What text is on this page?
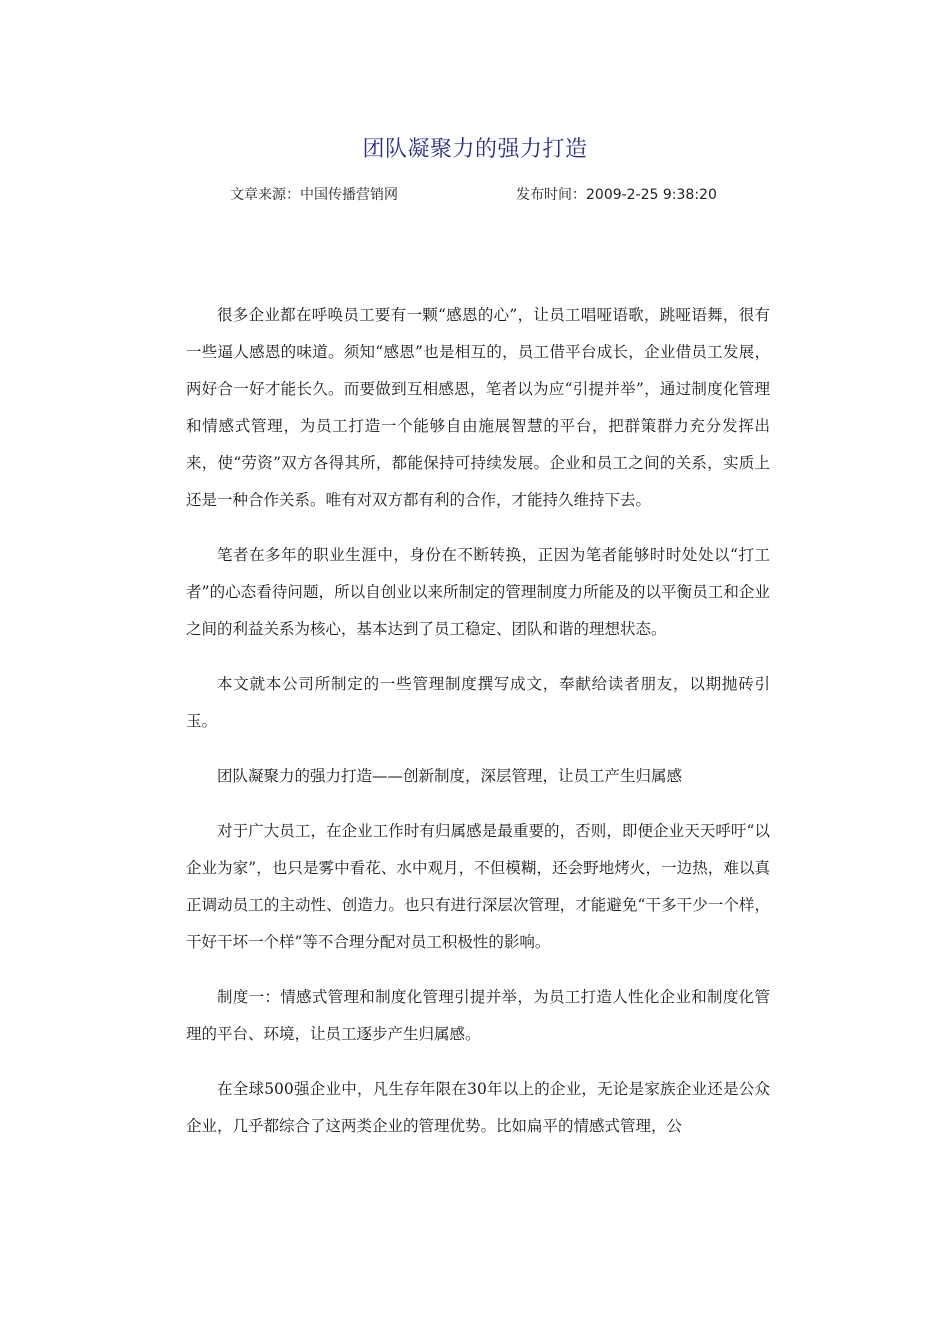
团队凝聚力的强力打造
文章来源：中国传播营销网	发布时间：2009-2-25 9:38:20

很多企业都在呼唤员工要有一颗“感恩的心”，让员工唱哑语歌，跳哑语舞，很有一些逼人感恩的味道。须知“感恩”也是相互的，员工借平台成长，企业借员工发展，两好合一好才能长久。而要做到互相感恩，笔者以为应“引提并举”，通过制度化管理和情感式管理，为员工打造一个能够自由施展智慧的平台，把群策群力充分发挥出来，使“劳资”双方各得其所，都能保持可持续发展。企业和员工之间的关系，实质上还是一种合作关系。唯有对双方都有利的合作，才能持久维持下去。

笔者在多年的职业生涯中，身份在不断转换，正因为笔者能够时时处处以“打工者”的心态看待问题，所以自创业以来所制定的管理制度力所能及的以平衡员工和企业之间的利益关系为核心，基本达到了员工稳定、团队和谐的理想状态。

本文就本公司所制定的一些管理制度撰写成文，奉献给读者朋友，以期抛砖引玉。

团队凝聚力的强力打造——创新制度，深层管理，让员工产生归属感

对于广大员工，在企业工作时有归属感是最重要的，否则，即便企业天天呼吁“以企业为家”，也只是雾中看花、水中观月，不但模糊，还会野地烤火，一边热，难以真正调动员工的主动性、创造力。也只有进行深层次管理，才能避免“干多干少一个样，干好干坏一个样”等不合理分配对员工积极性的影响。

制度一：情感式管理和制度化管理引提并举，为员工打造人性化企业和制度化管理的平台、环境，让员工逐步产生归属感。

在全球500强企业中，凡生存年限在30年以上的企业，无论是家族企业还是公众企业，几乎都综合了这两类企业的管理优势。比如扁平的情感式管理，公
